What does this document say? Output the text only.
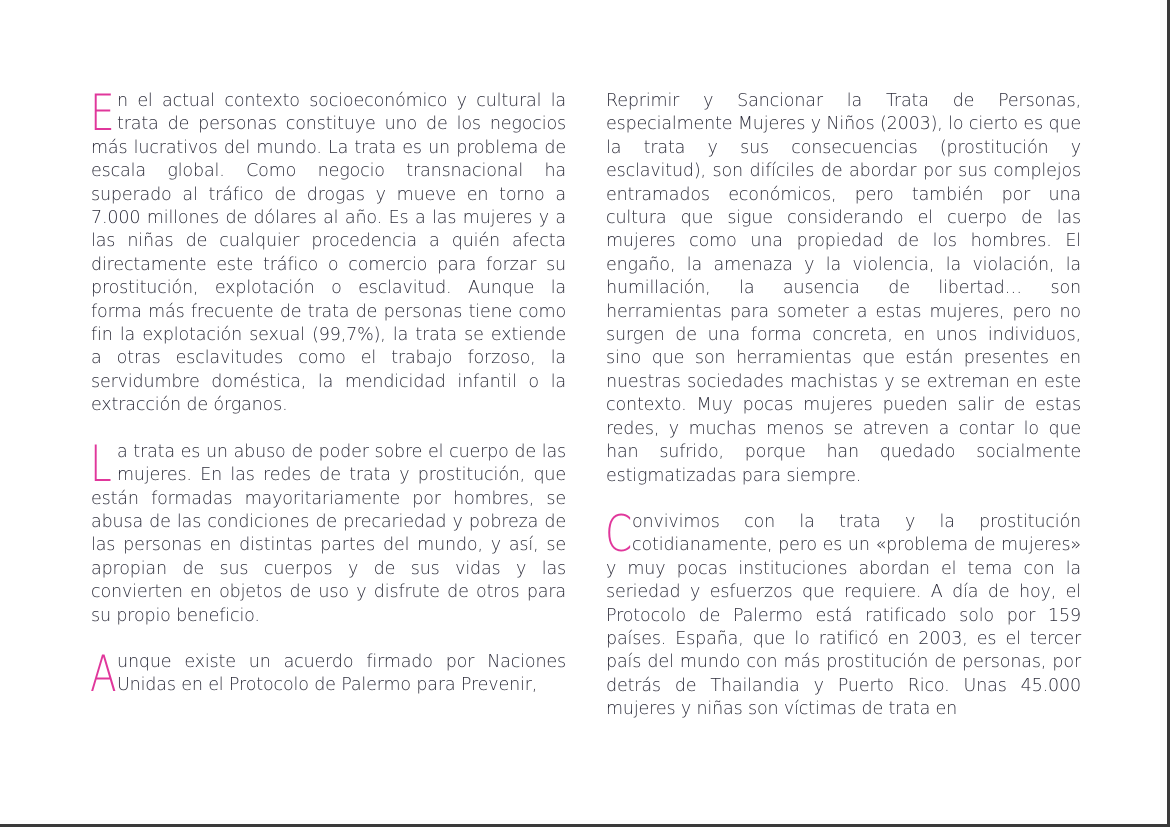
En el actual contexto socioeconómico y cultural la trata de personas constituye uno de los negocios más lucrativos del mundo. La trata es un problema de escala global. Como negocio transnacional ha superado al tráfico de drogas y mueve en torno a 7.000 millones de dólares al año. Es a las mujeres y a las niñas de cualquier procedencia a quién afecta directamente este tráfico o comercio para forzar su prostitución, explotación o esclavitud. Aunque la forma más frecuente de trata de personas tiene como fin la explotación sexual (99,7%), la trata se extiende a otras esclavitudes como el trabajo forzoso, la servidumbre doméstica, la mendicidad infantil o la extracción de órganos.

La trata es un abuso de poder sobre el cuerpo de las mujeres. En las redes de trata y prostitución, que están formadas mayoritariamente por hombres, se abusa de las condiciones de precariedad y pobreza de las personas en distintas partes del mundo, y así, se apropian de sus cuerpos y de sus vidas y las convierten en objetos de uso y disfrute de otros para su propio beneficio.

Aunque existe un acuerdo firmado por Naciones Unidas en el Protocolo de Palermo para Prevenir,

Reprimir y Sancionar la Trata de Personas, especialmente Mujeres y Niños (2003), lo cierto es que la trata y sus consecuencias (prostitución y esclavitud), son difíciles de abordar por sus complejos entramados económicos, pero también por una cultura que sigue considerando el cuerpo de las mujeres como una propiedad de los hombres. El engaño, la amenaza y la violencia, la violación, la humillación, la ausencia de libertad… son herramientas para someter a estas mujeres, pero no surgen de una forma concreta, en unos individuos, sino que son herramientas que están presentes en nuestras sociedades machistas y se extreman en este contexto. Muy pocas mujeres pueden salir de estas redes, y muchas menos se atreven a contar lo que han sufrido, porque han quedado socialmente estigmatizadas para siempre.

Convivimos con la trata y la prostitución cotidianamente, pero es un «problema de mujeres» y muy pocas instituciones abordan el tema con la seriedad y esfuerzos que requiere. A día de hoy, el Protocolo de Palermo está ratificado solo por 159 países. España, que lo ratificó en 2003, es el tercer país del mundo con más prostitución de personas, por detrás de Thailandia y Puerto Rico. Unas 45.000 mujeres y niñas son víctimas de trata en
